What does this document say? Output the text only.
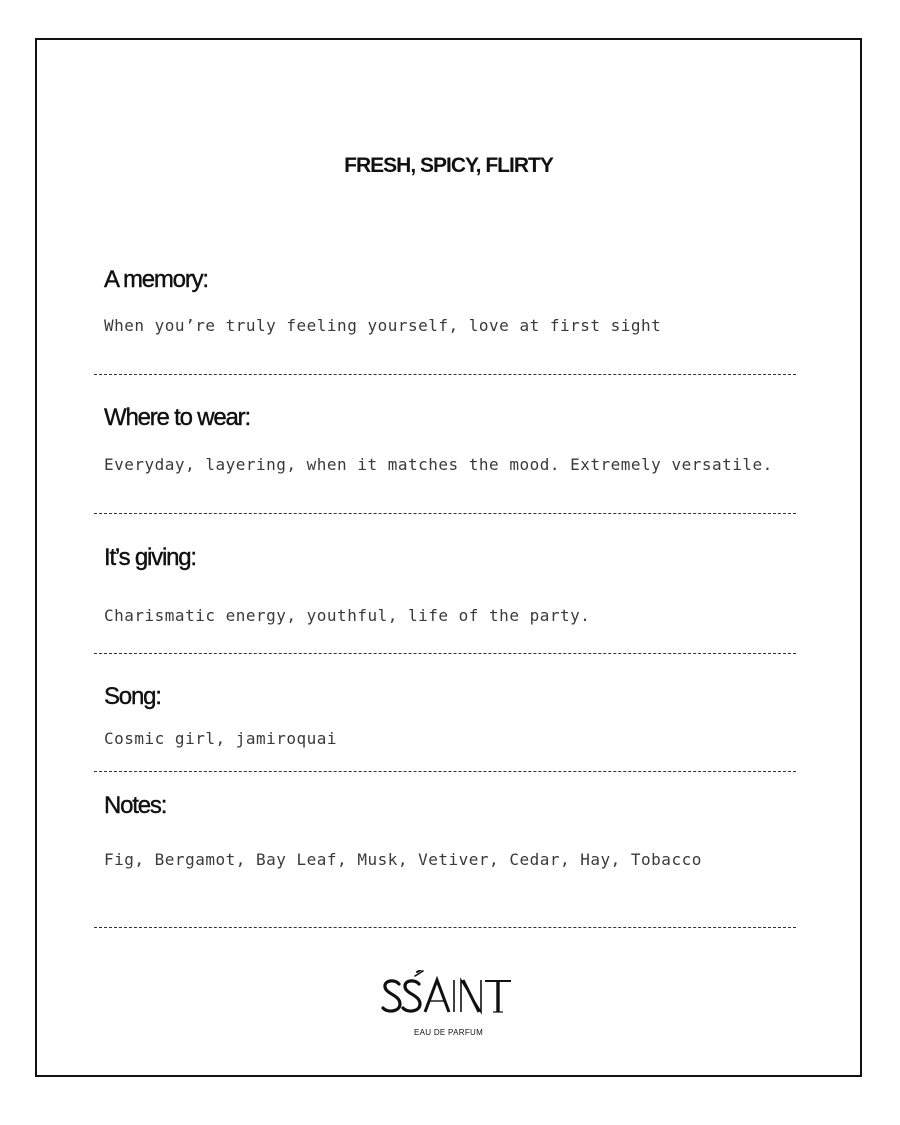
FRESH, SPICY, FLIRTY
A memory:

When you’re truly feeling yourself, love at first sight

Where to wear:

Everyday, layering, when it matches the mood. Extremely versatile.

It’s giving:

Charismatic energy, youthful, life of the party.

Song:

Cosmic girl, jamiroquai

Notes:

Fig, Bergamot, Bay Leaf, Musk, Vetiver, Cedar, Hay, Tobacco

EAU DE PARFUM
